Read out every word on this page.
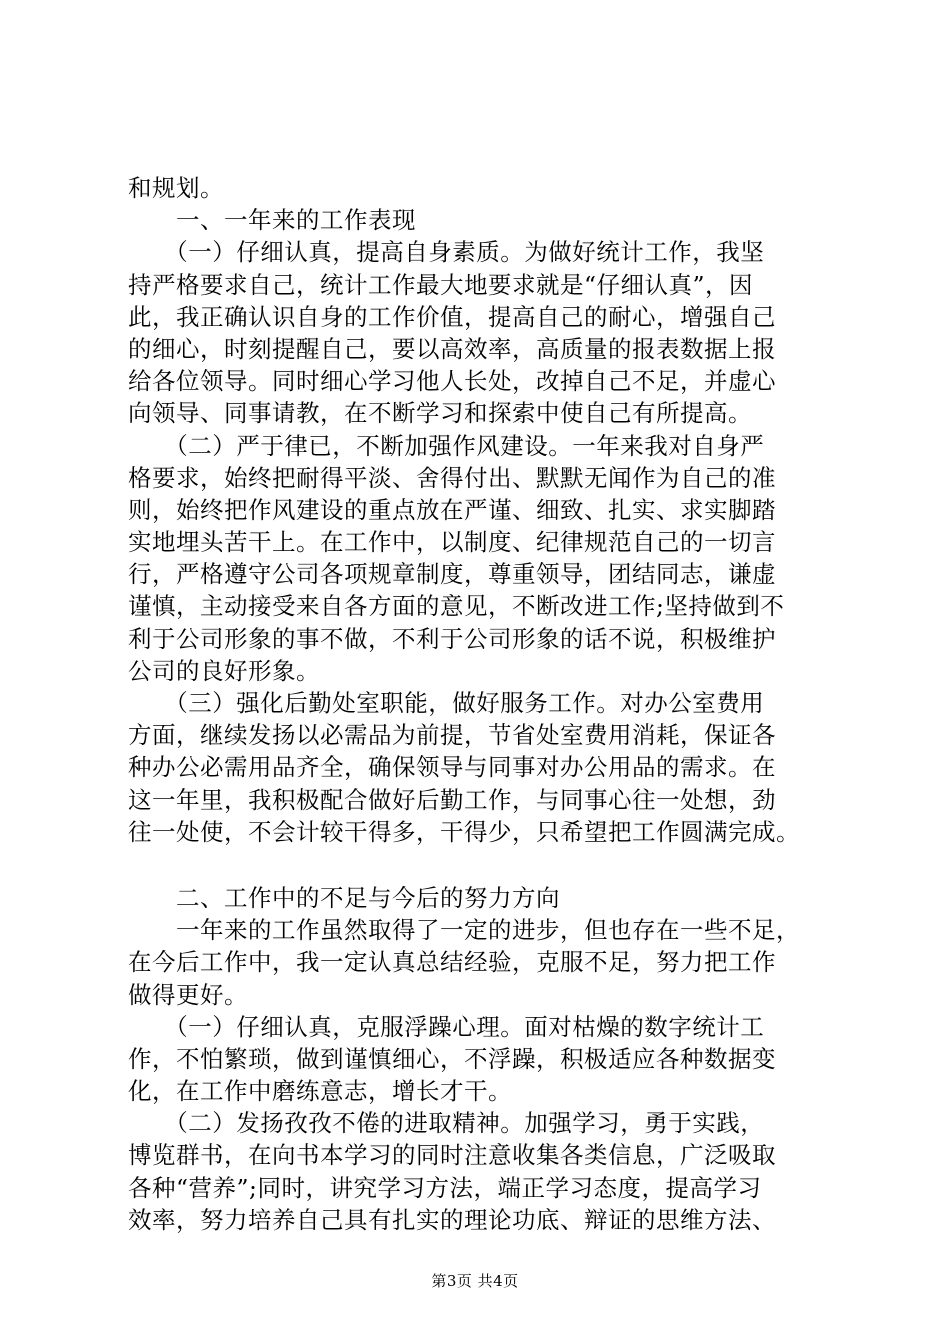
和规划。
　　一、一年来的工作表现
　　（一）仔细认真，提高自身素质。为做好统计工作，我坚
持严格要求自己，统计工作最大地要求就是“仔细认真”，因
此，我正确认识自身的工作价值，提高自己的耐心，增强自己
的细心，时刻提醒自己，要以高效率，高质量的报表数据上报
给各位领导。同时细心学习他人长处，改掉自己不足，并虚心
向领导、同事请教，在不断学习和探索中使自己有所提高。
　　（二）严于律已，不断加强作风建设。一年来我对自身严
格要求，始终把耐得平淡、舍得付出、默默无闻作为自己的准
则，始终把作风建设的重点放在严谨、细致、扎实、求实脚踏
实地埋头苦干上。在工作中，以制度、纪律规范自己的一切言
行，严格遵守公司各项规章制度，尊重领导，团结同志，谦虚
谨慎，主动接受来自各方面的意见，不断改进工作;坚持做到不
利于公司形象的事不做，不利于公司形象的话不说，积极维护
公司的良好形象。
　　（三）强化后勤处室职能，做好服务工作。对办公室费用
方面，继续发扬以必需品为前提，节省处室费用消耗，保证各
种办公必需用品齐全，确保领导与同事对办公用品的需求。在
这一年里，我积极配合做好后勤工作，与同事心往一处想，劲
往一处使，不会计较干得多，干得少，只希望把工作圆满完成。
　　二、工作中的不足与今后的努力方向
　　一年来的工作虽然取得了一定的进步，但也存在一些不足，
在今后工作中，我一定认真总结经验，克服不足，努力把工作
做得更好。
　　（一）仔细认真，克服浮躁心理。面对枯燥的数字统计工
作，不怕繁琐，做到谨慎细心，不浮躁，积极适应各种数据变
化，在工作中磨练意志，增长才干。
　　（二）发扬孜孜不倦的进取精神。加强学习，勇于实践，
博览群书，在向书本学习的同时注意收集各类信息，广泛吸取
各种“营养”;同时，讲究学习方法，端正学习态度，提高学习
效率，努力培养自己具有扎实的理论功底、辩证的思维方法、
第3页 共4页
